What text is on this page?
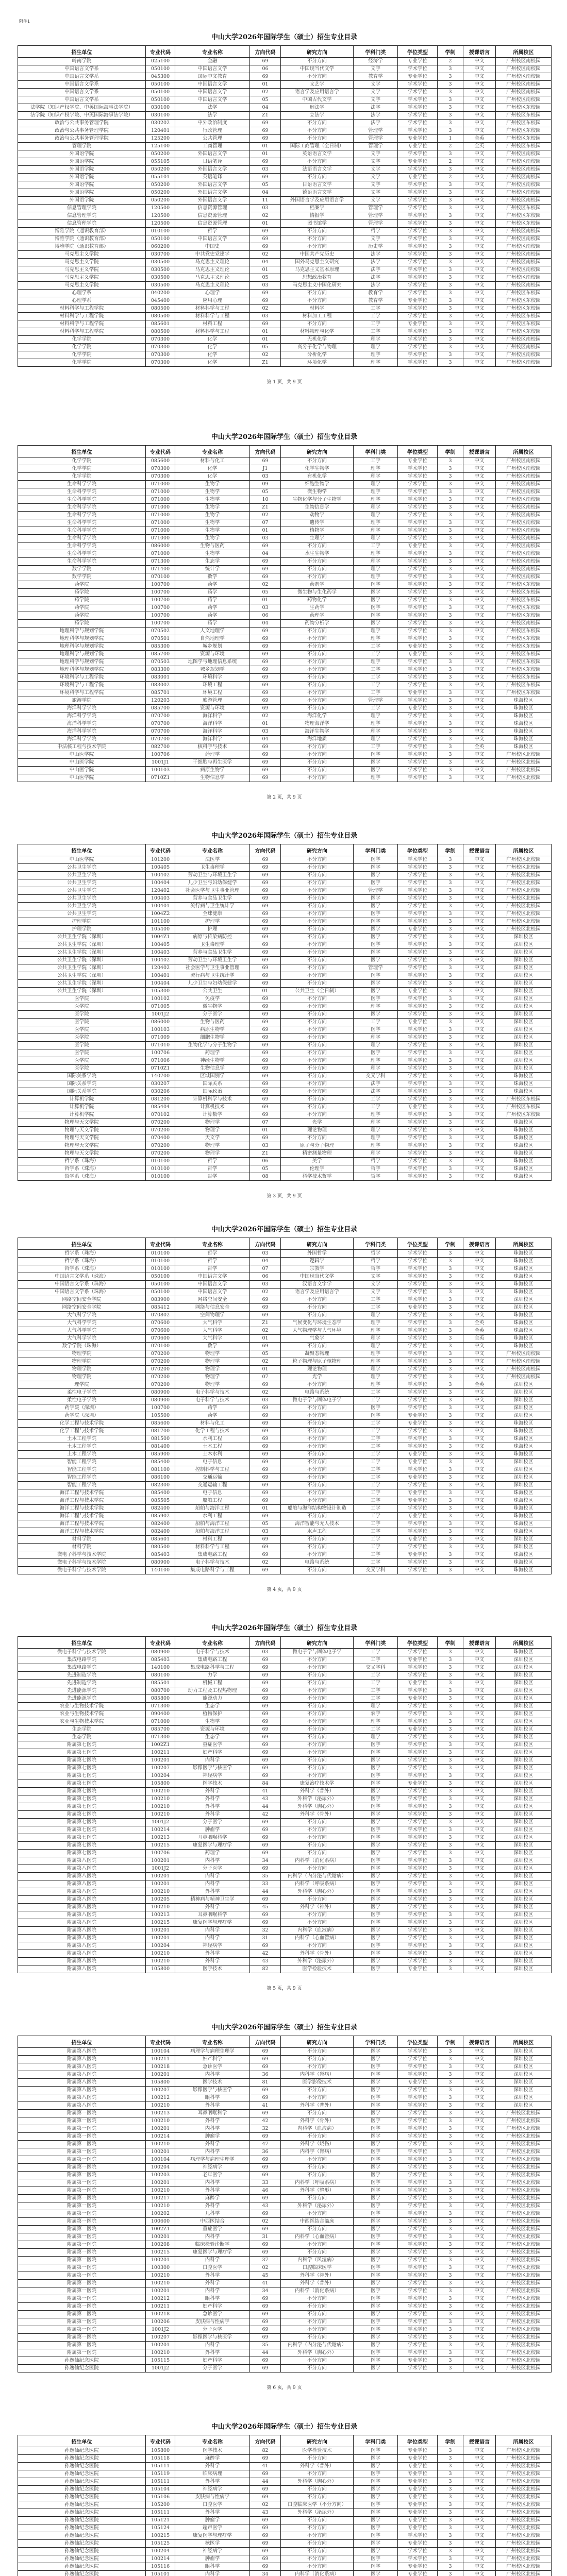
附件1
中山大学2026年国际学生（硕士）招生专业目录
招生单位	专业代码	专业名称	方向代码	研究方向	学科门类	学位类型	学制	授课语言	所属校区
岭南学院	025100	金融	69	不分方向	经济学	专业学位	2	中文	广州校区南校园
中国语言文学系	050100	中国语言文学	06	中国现当代文学	文学	学术学位	3	中文	广州校区南校园
中国语言文学系	045300	国际中文教育	69	不分方向	教育学	专业学位	3	中文	广州校区南校园
中国语言文学系	050100	中国语言文学	01	文艺学	文学	学术学位	3	中文	广州校区南校园
中国语言文学系	050100	中国语言文学	02	语言学及应用语言学	文学	学术学位	3	中文	广州校区南校园
中国语言文学系	050100	中国语言文学	05	中国古代文学	文学	学术学位	3	中文	广州校区南校园
法学院（知识产权学院、中英国际海事法学院）	030100	法学	04	刑法学	法学	学术学位	3	中文	广州校区东校园
法学院（知识产权学院、中英国际海事法学院）	030100	法学	Z1	立法学	法学	学术学位	3	中文	广州校区东校园
政治与公共事务管理学院	030202	中外政治制度	69	不分方向	法学	学术学位	3	中文	广州校区东校园
政治与公共事务管理学院	120401	行政管理	69	不分方向	管理学	学术学位	3	中文	广州校区东校园
政治与公共事务管理学院	125200	公共管理	69	不分方向	管理学	专业学位	1	全英	广州校区东校园
管理学院	125100	工商管理	01	国际工商管理（全日制）	管理学	专业学位	2	全英	广州校区东校园
外国语学院	050200	外国语言文学	01	英语语言文学	文学	学术学位	3	中文	广州校区南校园
外国语学院	055105	日语笔译	69	不分方向	文学	专业学位	2	中文	广州校区南校园
外国语学院	050200	外国语言文学	03	法语语言文学	文学	学术学位	3	中文	广州校区南校园
外国语学院	055101	英语笔译	69	不分方向	文学	专业学位	2	中文	广州校区南校园
外国语学院	050200	外国语言文学	05	日语语言文学	文学	学术学位	3	中文	广州校区南校园
外国语学院	050200	外国语言文学	04	德语语言文学	文学	学术学位	3	中文	广州校区南校园
外国语学院	050200	外国语言文学	11	外国语言学及应用语言学	文学	学术学位	3	中文	广州校区南校园
信息管理学院	120500	信息资源管理	03	档案学	管理学	学术学位	3	中文	广州校区东校园
信息管理学院	120500	信息资源管理	02	情报学	管理学	学术学位	3	中文	广州校区东校园
信息管理学院	120500	信息资源管理	01	图书馆学	管理学	学术学位	3	中文	广州校区东校园
博雅学院（通识教育部）	010100	哲学	69	不分方向	哲学	学术学位	3	中文	广州校区南校园
博雅学院（通识教育部）	050100	中国语言文学	69	不分方向	文学	学术学位	3	中文	广州校区南校园
博雅学院（通识教育部）	060200	中国史	69	不分方向	历史学	学术学位	3	中文	广州校区南校园
马克思主义学院	030700	中共党史党建学	02	中国共产党历史	法学	学术学位	3	中文	广州校区南校园
马克思主义学院	030500	马克思主义理论	04	国外马克思主义研究	法学	学术学位	3	中文	广州校区南校园
马克思主义学院	030500	马克思主义理论	01	马克思主义基本原理	法学	学术学位	3	中文	广州校区南校园
马克思主义学院	030500	马克思主义理论	05	思想政治教育	法学	学术学位	3	中文	广州校区南校园
马克思主义学院	030500	马克思主义理论	03	马克思主义中国化研究	法学	学术学位	3	中文	广州校区南校园
心理学系	040200	心理学	69	不分方向	教育学	学术学位	3	中文	广州校区东校园
心理学系	045400	应用心理	69	不分方向	教育学	专业学位	3	中文	广州校区东校园
材料科学与工程学院	080500	材料科学与工程	02	材料学	工学	学术学位	3	中文	广州校区东校园
材料科学与工程学院	080500	材料科学与工程	03	材料加工工程	工学	学术学位	3	中文	广州校区东校园
材料科学与工程学院	085601	材料工程	69	不分方向	工学	专业学位	3	中文	广州校区东校园
材料科学与工程学院	080500	材料科学与工程	01	材料物理与化学	工学	学术学位	3	中文	广州校区东校园
化学学院	070300	化学	01	无机化学	理学	学术学位	3	中文	广州校区南校园
化学学院	070300	化学	05	高分子化学与物理	理学	学术学位	3	中文	广州校区南校园
化学学院	070300	化学	02	分析化学	理学	学术学位	3	中文	广州校区南校园
化学学院	070300	化学	Z1	环境化学	理学	学术学位	3	中文	广州校区南校园
第 1 页，共 9 页
中山大学2026年国际学生（硕士）招生专业目录
招生单位	专业代码	专业名称	方向代码	研究方向	学科门类	学位类型	学制	授课语言	所属校区
化学学院	085600	材料与化工	69	不分方向	工学	专业学位	3	中文	广州校区南校园
化学学院	070300	化学	J1	化学生物学	理学	学术学位	3	中文	广州校区南校园
化学学院	070300	化学	03	有机化学	理学	学术学位	3	中文	广州校区南校园
生命科学学院	071000	生物学	09	细胞生物学	理学	学术学位	3	中文	广州校区南校园
生命科学学院	071000	生物学	05	微生物学	理学	学术学位	3	中文	广州校区南校园
生命科学学院	071000	生物学	10	生物化学与分子生物学	理学	学术学位	3	中文	广州校区南校园
生命科学学院	071000	生物学	Z1	生物信息学	理学	学术学位	3	中文	广州校区南校园
生命科学学院	071000	生物学	02	动物学	理学	学术学位	3	中文	广州校区南校园
生命科学学院	071000	生物学	07	遗传学	理学	学术学位	3	中文	广州校区南校园
生命科学学院	071000	生物学	01	植物学	理学	学术学位	3	中文	广州校区南校园
生命科学学院	071000	生物学	03	生理学	理学	学术学位	3	中文	广州校区南校园
生命科学学院	086000	生物与医药	69	不分方向	工学	专业学位	3	中文	广州校区南校园
生命科学学院	071000	生物学	04	水生生物学	理学	学术学位	3	中文	广州校区南校园
生命科学学院	071300	生态学	69	不分方向	理学	学术学位	3	中文	广州校区南校园
数学学院	071400	统计学	69	不分方向	理学	学术学位	3	中文	广州校区南校园
数学学院	070100	数学	69	不分方向	理学	学术学位	3	中文	广州校区南校园
药学院	100700	药学	02	药剂学	医学	学术学位	3	中文	广州校区东校园
药学院	100700	药学	05	微生物与生化药学	医学	学术学位	3	中文	广州校区东校园
药学院	100700	药学	01	药物化学	医学	学术学位	3	中文	广州校区东校园
药学院	100700	药学	03	生药学	医学	学术学位	3	中文	广州校区东校园
药学院	100700	药学	06	药理学	医学	学术学位	3	中文	广州校区东校园
药学院	100700	药学	04	药物分析学	医学	学术学位	3	中文	广州校区南校园
地理科学与规划学院	070502	人文地理学	69	不分方向	理学	学术学位	3	中文	广州校区东校园
地理科学与规划学院	070501	自然地理学	69	不分方向	理学	学术学位	3	中文	广州校区东校园
地理科学与规划学院	085300	城乡规划	69	不分方向	工学	专业学位	3	中文	广州校区东校园
地理科学与规划学院	085700	资源与环境	69	不分方向	工学	专业学位	3	中文	广州校区东校园
地理科学与规划学院	070503	地图学与地理信息系统	69	不分方向	理学	学术学位	3	中文	广州校区东校园
地理科学与规划学院	083300	城乡规划学	69	不分方向	工学	学术学位	3	中文	广州校区东校园
环境科学与工程学院	083001	环境科学	69	不分方向	工学	学术学位	3	中文	广州校区东校园
环境科学与工程学院	083002	环境工程	69	不分方向	工学	学术学位	3	中文	广州校区东校园
环境科学与工程学院	085701	环境工程	69	不分方向	工学	专业学位	3	中文	广州校区东校园
旅游学院	120203	旅游管理	69	不分方向	管理学	学术学位	3	中文	珠海校区
海洋科学学院	085700	资源与环境	69	不分方向	工学	专业学位	3	中文	珠海校区
海洋科学学院	070700	海洋科学	02	海洋化学	理学	学术学位	3	中文	珠海校区
海洋科学学院	070700	海洋科学	01	物理海洋学	理学	学术学位	3	中文	珠海校区
海洋科学学院	070700	海洋科学	03	海洋生物学	理学	学术学位	3	中文	珠海校区
海洋科学学院	070700	海洋科学	04	海洋地质	理学	学术学位	3	中文	珠海校区
中法核工程与技术学院	082700	核科学与技术	69	不分方向	工学	学术学位	3	全英	珠海校区
中山医学院	100706	药理学	69	不分方向	医学	学术学位	3	中文	广州校区北校园
中山医学院	1001J1	干细胞与再生医学	69	不分方向	医学	学术学位	3	中文	广州校区北校园
中山医学院	100103	病原生物学	69	不分方向	医学	学术学位	3	中文	广州校区北校园
中山医学院	0710Z1	生物信息学	69	不分方向	理学	学术学位	3	中文	广州校区北校园
第 2 页，共 9 页
中山大学2026年国际学生（硕士）招生专业目录
招生单位	专业代码	专业名称	方向代码	研究方向	学科门类	学位类型	学制	授课语言	所属校区
中山医学院	101200	法医学	69	不分方向	医学	学术学位	3	中文	广州校区北校园
公共卫生学院	100405	卫生毒理学	69	不分方向	医学	学术学位	3	中文	广州校区北校园
公共卫生学院	100402	劳动卫生与环境卫生学	69	不分方向	医学	学术学位	3	中文	广州校区北校园
公共卫生学院	100404	儿少卫生与妇幼保健学	69	不分方向	医学	学术学位	3	中文	广州校区北校园
公共卫生学院	120402	社会医学与卫生事业管理	69	不分方向	管理学	学术学位	3	中文	广州校区北校园
公共卫生学院	100403	营养与食品卫生学	69	不分方向	医学	学术学位	3	中文	广州校区北校园
公共卫生学院	100401	流行病与卫生统计学	69	不分方向	医学	学术学位	3	中文	广州校区北校园
公共卫生学院	1004Z2	全球健康	69	不分方向	医学	学术学位	3	中文	广州校区北校园
护理学院	101100	护理学	69	不分方向	医学	学术学位	3	中文	广州校区北校园
护理学院	105400	护理	69	不分方向	医学	专业学位	3	中文	广州校区北校园
公共卫生学院（深圳）	1004Z1	病原与传染病防控	69	不分方向	医学	学术学位	3	中文	深圳校区
公共卫生学院（深圳）	100405	卫生毒理学	69	不分方向	医学	学术学位	3	中文	深圳校区
公共卫生学院（深圳）	100403	营养与食品卫生学	69	不分方向	医学	学术学位	3	中文	深圳校区
公共卫生学院（深圳）	100402	劳动卫生与环境卫生学	69	不分方向	医学	学术学位	3	中文	深圳校区
公共卫生学院（深圳）	120402	社会医学与卫生事业管理	69	不分方向	管理学	学术学位	3	中文	深圳校区
公共卫生学院（深圳）	100401	流行病与卫生统计学	69	不分方向	医学	学术学位	3	中文	深圳校区
公共卫生学院（深圳）	100404	儿少卫生与妇幼保健学	69	不分方向	医学	学术学位	3	中文	深圳校区
公共卫生学院（深圳）	105300	公共卫生	01	公共卫生（全日制）	医学	专业学位	3	中文	深圳校区
医学院	100102	免疫学	69	不分方向	医学	学术学位	3	中文	深圳校区
医学院	071005	微生物学	69	不分方向	理学	学术学位	3	中文	深圳校区
医学院	1001J2	分子医学	69	不分方向	医学	学术学位	3	中文	深圳校区
医学院	086000	生物与医药	69	不分方向	工学	专业学位	3	中文	深圳校区
医学院	100103	病原生物学	69	不分方向	医学	学术学位	3	中文	深圳校区
医学院	071009	细胞生物学	69	不分方向	理学	学术学位	3	中文	深圳校区
医学院	071010	生物化学与分子生物学	69	不分方向	理学	学术学位	3	中文	深圳校区
医学院	100706	药理学	69	不分方向	医学	学术学位	3	中文	深圳校区
医学院	071006	神经生物学	69	不分方向	理学	学术学位	3	中文	深圳校区
医学院	0710Z1	生物信息学	69	不分方向	理学	学术学位	3	中文	深圳校区
国际关系学院	140700	区域国别学	69	不分方向	交叉学科	学术学位	3	中文	珠海校区
国际关系学院	030207	国际关系	69	不分方向	法学	学术学位	3	中文	珠海校区
国际关系学院	030206	国际政治	69	不分方向	法学	学术学位	3	中文	珠海校区
计算机学院	081200	计算机科学与技术	69	不分方向	工学	学术学位	3	中文	广州校区东校园
计算机学院	085404	计算机技术	69	不分方向	工学	专业学位	3	中文	广州校区东校园
计算机学院	070102	计算数学	69	不分方向	理学	学术学位	3	中文	广州校区东校园
物理与天文学院	070200	物理学	07	光学	理学	学术学位	3	中文	珠海校区
物理与天文学院	070200	物理学	01	理论物理	理学	学术学位	3	中文	珠海校区
物理与天文学院	070400	天文学	69	不分方向	理学	学术学位	3	中文	珠海校区
物理与天文学院	070200	物理学	03	原子与分子物理	理学	学术学位	3	中文	珠海校区
物理与天文学院	070200	物理学	Z1	精密测量物理	理学	学术学位	3	中文	珠海校区
哲学系（珠海）	010100	哲学	06	美学	哲学	学术学位	3	中文	珠海校区
哲学系（珠海）	010100	哲学	05	伦理学	哲学	学术学位	3	中文	珠海校区
哲学系（珠海）	010100	哲学	08	科学技术哲学	哲学	学术学位	3	中文	珠海校区
第 3 页，共 9 页
中山大学2026年国际学生（硕士）招生专业目录
招生单位	专业代码	专业名称	方向代码	研究方向	学科门类	学位类型	学制	授课语言	所属校区
哲学系（珠海）	010100	哲学	03	外国哲学	哲学	学术学位	3	中文	珠海校区
哲学系（珠海）	010100	哲学	04	逻辑学	哲学	学术学位	3	中文	珠海校区
哲学系（珠海）	010100	哲学	07	宗教学	哲学	学术学位	3	中文	珠海校区
中国语言文学系（珠海）	050100	中国语言文学	06	中国现当代文学	文学	学术学位	3	中文	珠海校区
中国语言文学系（珠海）	050100	中国语言文学	03	汉语言文字学	文学	学术学位	3	中文	珠海校区
中国语言文学系（珠海）	050100	中国语言文学	02	语言学及应用语言学	文学	学术学位	3	中文	珠海校区
网络空间安全学院	083900	网络空间安全	69	不分方向	工学	学术学位	3	中文	深圳校区
网络空间安全学院	085412	网络与信息安全	69	不分方向	工学	专业学位	3	中文	深圳校区
大气科学学院	070802	空间物理学	69	不分方向	理学	学术学位	3	中文	珠海校区
大气科学学院	070600	大气科学	Z1	气候变化与环境生态学	理学	学术学位	3	全英	珠海校区
大气科学学院	070600	大气科学	02	大气物理学与大气环境	理学	学术学位	3	全英	珠海校区
大气科学学院	070600	大气科学	01	气象学	理学	学术学位	3	全英	珠海校区
数学学院（珠海）	070100	数学	69	不分方向	理学	学术学位	3	中文	珠海校区
物理学院	070200	物理学	05	凝聚态物理	理学	学术学位	3	中文	广州校区南校园
物理学院	070200	物理学	02	粒子物理与原子核物理	理学	学术学位	3	中文	广州校区南校园
物理学院	070200	物理学	01	理论物理	理学	学术学位	3	中文	广州校区南校园
物理学院	070200	物理学	07	光学	理学	学术学位	3	中文	广州校区南校园
理学院	070200	物理学	69	不分方向	理学	学术学位	3	全英	深圳校区
柔性电子学院	080900	电子科学与技术	02	电路与系统	工学	学术学位	3	中文	深圳校区
柔性电子学院	080900	电子科学与技术	03	微电子学与固体电子学	工学	学术学位	3	中文	深圳校区
药学院（深圳）	100700	药学	69	不分方向	医学	学术学位	3	中文	深圳校区
药学院（深圳）	105500	药学	69	不分方向	医学	专业学位	3	中文	深圳校区
化学工程与技术学院	085600	材料与化工	69	不分方向	工学	专业学位	3	中文	珠海校区
化学工程与技术学院	081700	化学工程与技术	69	不分方向	工学	学术学位	3	中文	珠海校区
土木工程学院	081500	水利工程	69	不分方向	工学	学术学位	3	中文	珠海校区
土木工程学院	081400	土木工程	69	不分方向	工学	学术学位	3	中文	珠海校区
土木工程学院	085900	土木水利	69	不分方向	工学	专业学位	3	中文	珠海校区
智能工程学院	085400	电子信息	69	不分方向	工学	专业学位	3	中文	深圳校区
智能工程学院	081100	控制科学与工程	69	不分方向	工学	学术学位	3	中文	深圳校区
智能工程学院	086100	交通运输	69	不分方向	工学	专业学位	3	中文	深圳校区
智能工程学院	082300	交通运输工程	69	不分方向	工学	学术学位	3	中文	深圳校区
海洋工程与技术学院	085400	电子信息	69	不分方向	工学	专业学位	3	中文	珠海校区
海洋工程与技术学院	085505	船舶工程	69	不分方向	工学	专业学位	3	中文	珠海校区
海洋工程与技术学院	082400	船舶与海洋工程	01	船舶与海洋结构物设计制造	工学	学术学位	3	中文	珠海校区
海洋工程与技术学院	085902	水利工程	69	不分方向	工学	专业学位	3	中文	珠海校区
海洋工程与技术学院	082400	船舶与海洋工程	05	海洋智能与无人技术	工学	学术学位	3	中文	珠海校区
海洋工程与技术学院	082400	船舶与海洋工程	03	水声工程	工学	学术学位	3	中文	珠海校区
材料学院	085601	材料工程	69	不分方向	工学	专业学位	3	中文	深圳校区
材料学院	080500	材料科学与工程	69	不分方向	工学	学术学位	3	中文	深圳校区
微电子科学与技术学院	085403	集成电路工程	69	不分方向	工学	专业学位	3	中文	珠海校区
微电子科学与技术学院	080900	电子科学与技术	02	电路与系统	工学	学术学位	3	中文	珠海校区
微电子科学与技术学院	140100	集成电路科学与工程	69	不分方向	交叉学科	学术学位	3	中文	珠海校区
第 4 页，共 9 页
中山大学2026年国际学生（硕士）招生专业目录
招生单位	专业代码	专业名称	方向代码	研究方向	学科门类	学位类型	学制	授课语言	所属校区
微电子科学与技术学院	080900	电子科学与技术	03	微电子学与固体电子学	工学	学术学位	3	中文	珠海校区
集成电路学院	085403	集成电路工程	69	不分方向	工学	专业学位	3	中文	深圳校区
集成电路学院	140100	集成电路科学与工程	69	不分方向	交叉学科	学术学位	3	中文	深圳校区
先进制造学院	080100	力学	69	不分方向	工学	学术学位	3	中文	深圳校区
先进制造学院	085501	机械工程	69	不分方向	工学	专业学位	3	中文	深圳校区
先进能源学院	080700	动力工程及工程热物理	69	不分方向	工学	学术学位	3	中文	深圳校区
先进能源学院	085800	能源动力	69	不分方向	工学	专业学位	3	中文	深圳校区
农业与生物技术学院	071300	生态学	69	不分方向	理学	学术学位	3	中文	深圳校区
农业与生物技术学院	090400	植物保护	69	不分方向	农学	学术学位	3	中文	深圳校区
农业与生物技术学院	071000	生物学	69	不分方向	理学	学术学位	3	中文	深圳校区
生态学院	085700	资源与环境	69	不分方向	工学	专业学位	3	中文	深圳校区
生态学院	071300	生态学	69	不分方向	理学	学术学位	3	中文	深圳校区
附属第七医院	1002Z1	重症医学	69	不分方向	医学	学术学位	3	中文	深圳校区
附属第七医院	100211	妇产科学	69	不分方向	医学	学术学位	3	中文	深圳校区
附属第七医院	100201	内科学	69	不分方向	医学	学术学位	3	中文	深圳校区
附属第七医院	100207	影像医学与核医学	69	不分方向	医学	学术学位	3	中文	深圳校区
附属第七医院	100204	神经病学	69	不分方向	医学	学术学位	3	中文	深圳校区
附属第七医院	105800	医学技术	84	康复治疗技术学	医学	专业学位	3	中文	深圳校区
附属第七医院	100210	外科学	41	外科学（普外）	医学	学术学位	3	中文	深圳校区
附属第七医院	100210	外科学	43	外科学（泌尿外）	医学	学术学位	3	中文	深圳校区
附属第七医院	100210	外科学	44	外科学（胸心外）	医学	学术学位	3	中文	深圳校区
附属第七医院	100210	外科学	42	外科学（骨外）	医学	学术学位	3	中文	深圳校区
附属第七医院	1001J2	分子医学	69	不分方向	医学	学术学位	3	中文	深圳校区
附属第七医院	100214	肿瘤学	69	不分方向	医学	学术学位	3	中文	深圳校区
附属第七医院	100213	耳鼻咽喉科学	69	不分方向	医学	学术学位	3	中文	深圳校区
附属第七医院	100215	康复医学与理疗学	69	不分方向	医学	学术学位	3	中文	深圳校区
附属第七医院	100706	药理学	69	不分方向	医学	学术学位	3	中文	深圳校区
附属第八医院	100201	内科学	34	内科学（消化系病）	医学	学术学位	3	中文	深圳校区
附属第八医院	1001J2	分子医学	69	不分方向	医学	学术学位	3	中文	深圳校区
附属第八医院	100201	内科学	35	内科学（内分泌与代谢病）	医学	学术学位	3	中文	深圳校区
附属第八医院	100201	内科学	33	内科学（呼吸系病）	医学	学术学位	3	中文	深圳校区
附属第八医院	100210	外科学	44	外科学（胸心外）	医学	学术学位	3	中文	深圳校区
附属第八医院	100205	精神病与精神卫生学	69	不分方向	医学	学术学位	3	中文	深圳校区
附属第八医院	100210	外科学	45	外科学（神外）	医学	学术学位	3	中文	深圳校区
附属第八医院	100213	耳鼻咽喉科学	69	不分方向	医学	学术学位	3	中文	深圳校区
附属第八医院	100215	康复医学与理疗学	69	不分方向	医学	学术学位	3	中文	深圳校区
附属第八医院	100201	内科学	32	内科学（血液病）	医学	学术学位	3	中文	深圳校区
附属第八医院	100201	内科学	31	内科学（心血管病）	医学	学术学位	3	中文	深圳校区
附属第八医院	100204	神经病学	69	不分方向	医学	学术学位	3	中文	深圳校区
附属第八医院	100210	外科学	42	外科学（骨外）	医学	学术学位	3	中文	深圳校区
附属第八医院	100210	外科学	43	外科学（泌尿外）	医学	学术学位	3	中文	深圳校区
附属第八医院	105800	医学技术	82	医学检验技术	医学	专业学位	3	中文	深圳校区
第 5 页，共 9 页
中山大学2026年国际学生（硕士）招生专业目录
招生单位	专业代码	专业名称	方向代码	研究方向	学科门类	学位类型	学制	授课语言	所属校区
附属第八医院	100104	病理学与病理生理学	69	不分方向	医学	学术学位	3	中文	深圳校区
附属第八医院	100211	妇产科学	69	不分方向	医学	学术学位	3	中文	深圳校区
附属第八医院	100218	急诊医学	69	不分方向	医学	学术学位	3	中文	深圳校区
附属第八医院	100201	内科学	36	内科学（肾病）	医学	学术学位	3	中文	深圳校区
附属第八医院	105800	医学技术	81	医学影像技术	医学	专业学位	3	中文	深圳校区
附属第八医院	100207	影像医学与核医学	69	不分方向	医学	学术学位	3	中文	深圳校区
附属第八医院	100212	眼科学	69	不分方向	医学	学术学位	3	中文	深圳校区
附属第八医院	100210	外科学	41	外科学（普外）	医学	学术学位	3	中文	深圳校区
附属第一医院	100213	耳鼻咽喉科学	69	不分方向	医学	学术学位	3	中文	广州校区北校园
附属第一医院	100210	外科学	42	外科学（骨外）	医学	学术学位	3	中文	广州校区北校园
附属第一医院	100201	内科学	32	内科学（血液病）	医学	学术学位	3	中文	广州校区北校园
附属第一医院	100214	肿瘤学	69	不分方向	医学	学术学位	3	中文	广州校区北校园
附属第一医院	100210	外科学	47	外科学（烧伤）	医学	学术学位	3	中文	广州校区北校园
附属第一医院	100201	内科学	36	内科学（肾病）	医学	学术学位	3	中文	广州校区北校园
附属第一医院	100104	病理学与病理生理学	69	不分方向	医学	学术学位	3	中文	广州校区北校园
附属第一医院	100204	神经病学	69	不分方向	医学	学术学位	3	中文	广州校区北校园
附属第一医院	100203	老年医学	69	不分方向	医学	学术学位	3	中文	广州校区北校园
附属第一医院	100201	内科学	33	内科学（呼吸系病）	医学	学术学位	3	中文	广州校区北校园
附属第一医院	100210	外科学	46	外科学（整形）	医学	学术学位	3	中文	广州校区北校园
附属第一医院	100217	麻醉学	69	不分方向	医学	学术学位	3	中文	广州校区北校园
附属第一医院	100210	外科学	43	外科学（泌尿外）	医学	学术学位	3	中文	广州校区北校园
附属第一医院	100202	儿科学	69	不分方向	医学	学术学位	3	中文	广州校区北校园
附属第一医院	100600	中西医结合	02	中西医结合临床	医学	学术学位	3	中文	广州校区北校园
附属第一医院	1002Z1	重症医学	69	不分方向	医学	学术学位	3	中文	广州校区北校园
附属第一医院	100201	内科学	31	内科学（心血管病）	医学	学术学位	3	中文	广州校区北校园
附属第一医院	100208	临床检验诊断学	69	不分方向	医学	学术学位	3	中文	广州校区北校园
附属第一医院	100215	康复医学与理疗学	69	不分方向	医学	学术学位	3	中文	广州校区北校园
附属第一医院	100201	内科学	37	内科学（风湿病）	医学	学术学位	3	中文	广州校区北校园
附属第一医院	100300	口腔医学	02	口腔临床医学	医学	学术学位	3	中文	广州校区北校园
附属第一医院	100210	外科学	45	外科学（神外）	医学	学术学位	3	中文	广州校区北校园
附属第一医院	100210	外科学	41	外科学（普外）	医学	学术学位	3	中文	广州校区北校园
附属第一医院	100201	内科学	34	内科学（消化系病）	医学	学术学位	3	中文	广州校区北校园
附属第一医院	100212	眼科学	69	不分方向	医学	学术学位	3	中文	广州校区北校园
附属第一医院	100211	妇产科学	69	不分方向	医学	学术学位	3	中文	广州校区北校园
附属第一医院	100218	急诊医学	69	不分方向	医学	学术学位	3	中文	广州校区北校园
附属第一医院	100206	皮肤病与性病学	69	不分方向	医学	学术学位	3	中文	广州校区北校园
附属第一医院	1001J2	分子医学	69	不分方向	医学	学术学位	3	中文	广州校区北校园
附属第一医院	100207	影像医学与核医学	69	不分方向	医学	学术学位	3	中文	广州校区北校园
附属第一医院	100201	内科学	35	内科学（内分泌与代谢病）	医学	学术学位	3	中文	广州校区北校园
附属第一医院	100210	外科学	44	外科学（胸心外）	医学	学术学位	3	中文	广州校区北校园
孙逸仙纪念医院	105115	妇产科学	69	不分方向	医学	专业学位	3	中文	广州校区北校园
孙逸仙纪念医院	1001J2	分子医学	69	不分方向	医学	学术学位	3	中文	广州校区北校园
第 6 页，共 9 页
中山大学2026年国际学生（硕士）招生专业目录
招生单位	专业代码	专业名称	方向代码	研究方向	学科门类	学位类型	学制	授课语言	所属校区
孙逸仙纪念医院	105800	医学技术	82	医学检验技术	医学	专业学位	3	中文	广州校区北校园
孙逸仙纪念医院	105118	麻醉学	69	不分方向	医学	专业学位	3	中文	广州校区北校园
孙逸仙纪念医院	105111	外科学	41	外科学（普外）	医学	专业学位	3	中文	广州校区北校园
孙逸仙纪念医院	105119	临床病理	69	不分方向	医学	专业学位	3	中文	广州校区北校园
孙逸仙纪念医院	105111	外科学	44	外科学（胸心外）	医学	专业学位	3	中文	广州校区北校园
孙逸仙纪念医院	105104	神经病学	69	不分方向	医学	专业学位	3	中文	广州校区北校园
孙逸仙纪念医院	105106	皮肤病与性病学	69	不分方向	医学	专业学位	3	中文	广州校区北校园
孙逸仙纪念医院	105200	口腔医学	02	口腔临床医学（不分方向）	医学	专业学位	3	中文	广州校区北校园
孙逸仙纪念医院	105111	外科学	43	外科学（泌尿外）	医学	专业学位	3	中文	广州校区北校园
孙逸仙纪念医院	105121	肿瘤学	69	不分方向	医学	专业学位	3	中文	广州校区北校园
孙逸仙纪念医院	105124	超声医学	69	不分方向	医学	专业学位	3	中文	广州校区北校园
孙逸仙纪念医院	100215	康复医学与理疗学	69	不分方向	医学	学术学位	3	中文	广州校区北校园
孙逸仙纪念医院	105125	核医学	69	不分方向	医学	专业学位	3	中文	广州校区北校园
孙逸仙纪念医院	100204	神经病学	69	不分方向	医学	学术学位	3	中文	广州校区北校园
孙逸仙纪念医院	100214	肿瘤学	69	不分方向	医学	学术学位	3	中文	广州校区北校园
孙逸仙纪念医院	105116	眼科学	69	不分方向	医学	专业学位	3	中文	广州校区北校园
孙逸仙纪念医院	105101	内科学	34	内科学（消化系病）	医学	专业学位	3	中文	广州校区北校园
